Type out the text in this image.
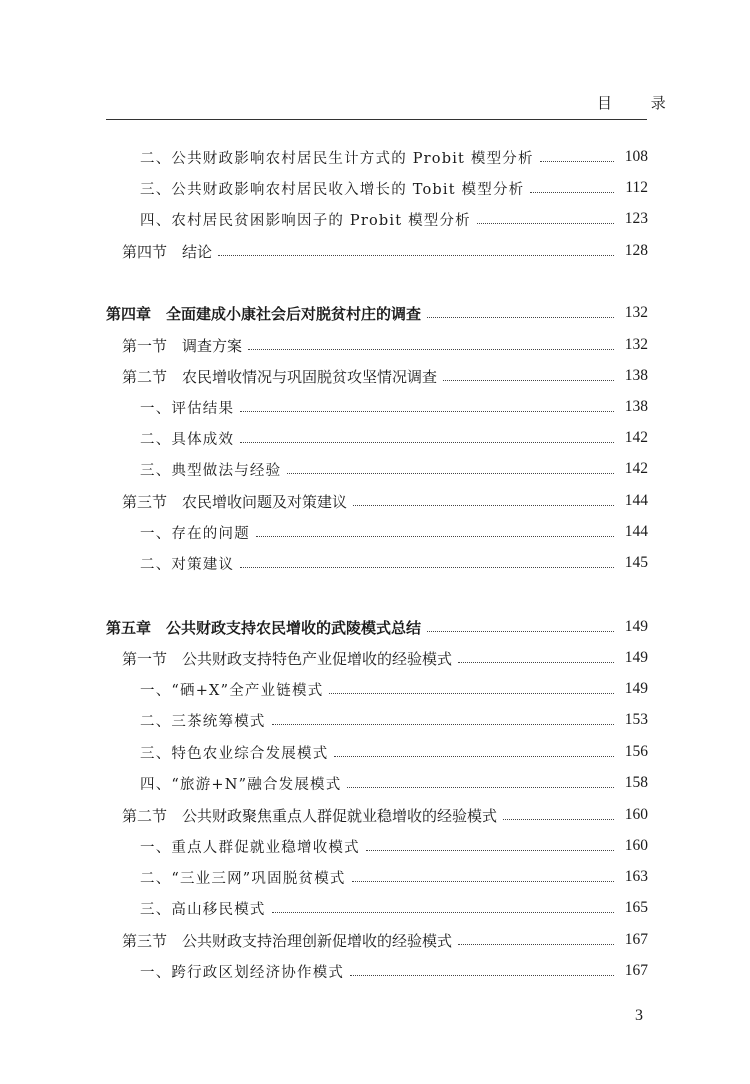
目 录
二、公共财政影响农村居民生计方式的 Probit 模型分析	108
三、公共财政影响农村居民收入增长的 Tobit 模型分析	112
四、农村居民贫困影响因子的 Probit 模型分析	123
第四节　结论	128
第四章　全面建成小康社会后对脱贫村庄的调查	132
第一节　调查方案	132
第二节　农民增收情况与巩固脱贫攻坚情况调查	138
一、评估结果	138
二、具体成效	142
三、典型做法与经验	142
第三节　农民增收问题及对策建议	144
一、存在的问题	144
二、对策建议	145
第五章　公共财政支持农民增收的武陵模式总结	149
第一节　公共财政支持特色产业促增收的经验模式	149
一、“硒+X”全产业链模式	149
二、三茶统筹模式	153
三、特色农业综合发展模式	156
四、“旅游+N”融合发展模式	158
第二节　公共财政聚焦重点人群促就业稳增收的经验模式	160
一、重点人群促就业稳增收模式	160
二、“三业三网”巩固脱贫模式	163
三、高山移民模式	165
第三节　公共财政支持治理创新促增收的经验模式	167
一、跨行政区划经济协作模式	167
3
